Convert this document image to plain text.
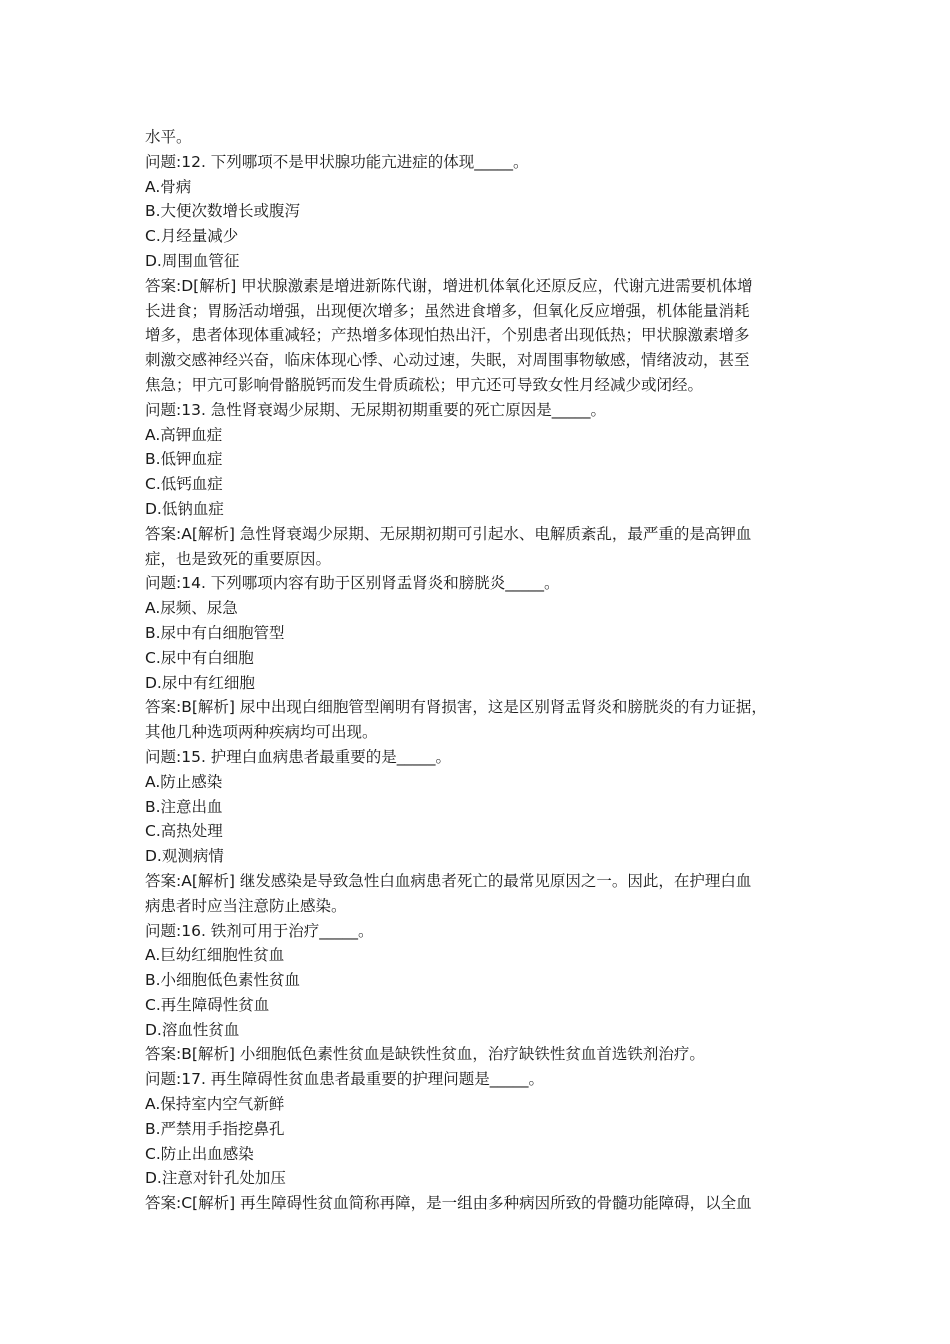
水平。
问题:12. 下列哪项不是甲状腺功能亢进症的体现_____。
A.骨病
B.大便次数增长或腹泻
C.月经量减少
D.周围血管征
答案:D[解析] 甲状腺激素是增进新陈代谢，增进机体氧化还原反应，代谢亢进需要机体增
长进食；胃肠活动增强，出现便次增多；虽然进食增多，但氧化反应增强，机体能量消耗
增多，患者体现体重减轻；产热增多体现怕热出汗，个别患者出现低热；甲状腺激素增多
刺激交感神经兴奋，临床体现心悸、心动过速，失眠，对周围事物敏感，情绪波动，甚至
焦急；甲亢可影响骨骼脱钙而发生骨质疏松；甲亢还可导致女性月经减少或闭经。
问题:13. 急性肾衰竭少尿期、无尿期初期重要的死亡原因是_____。
A.高钾血症
B.低钾血症
C.低钙血症
D.低钠血症
答案:A[解析] 急性肾衰竭少尿期、无尿期初期可引起水、电解质紊乱，最严重的是高钾血
症，也是致死的重要原因。
问题:14. 下列哪项内容有助于区别肾盂肾炎和膀胱炎_____。
A.尿频、尿急
B.尿中有白细胞管型
C.尿中有白细胞
D.尿中有红细胞
答案:B[解析] 尿中出现白细胞管型阐明有肾损害，这是区别肾盂肾炎和膀胱炎的有力证据，
其他几种选项两种疾病均可出现。
问题:15. 护理白血病患者最重要的是_____。
A.防止感染
B.注意出血
C.高热处理
D.观测病情
答案:A[解析] 继发感染是导致急性白血病患者死亡的最常见原因之一。因此，在护理白血
病患者时应当注意防止感染。
问题:16. 铁剂可用于治疗_____。
A.巨幼红细胞性贫血
B.小细胞低色素性贫血
C.再生障碍性贫血
D.溶血性贫血
答案:B[解析] 小细胞低色素性贫血是缺铁性贫血，治疗缺铁性贫血首选铁剂治疗。
问题:17. 再生障碍性贫血患者最重要的护理问题是_____。
A.保持室内空气新鲜
B.严禁用手指挖鼻孔
C.防止出血感染
D.注意对针孔处加压
答案:C[解析] 再生障碍性贫血简称再障，是一组由多种病因所致的骨髓功能障碍，以全血
